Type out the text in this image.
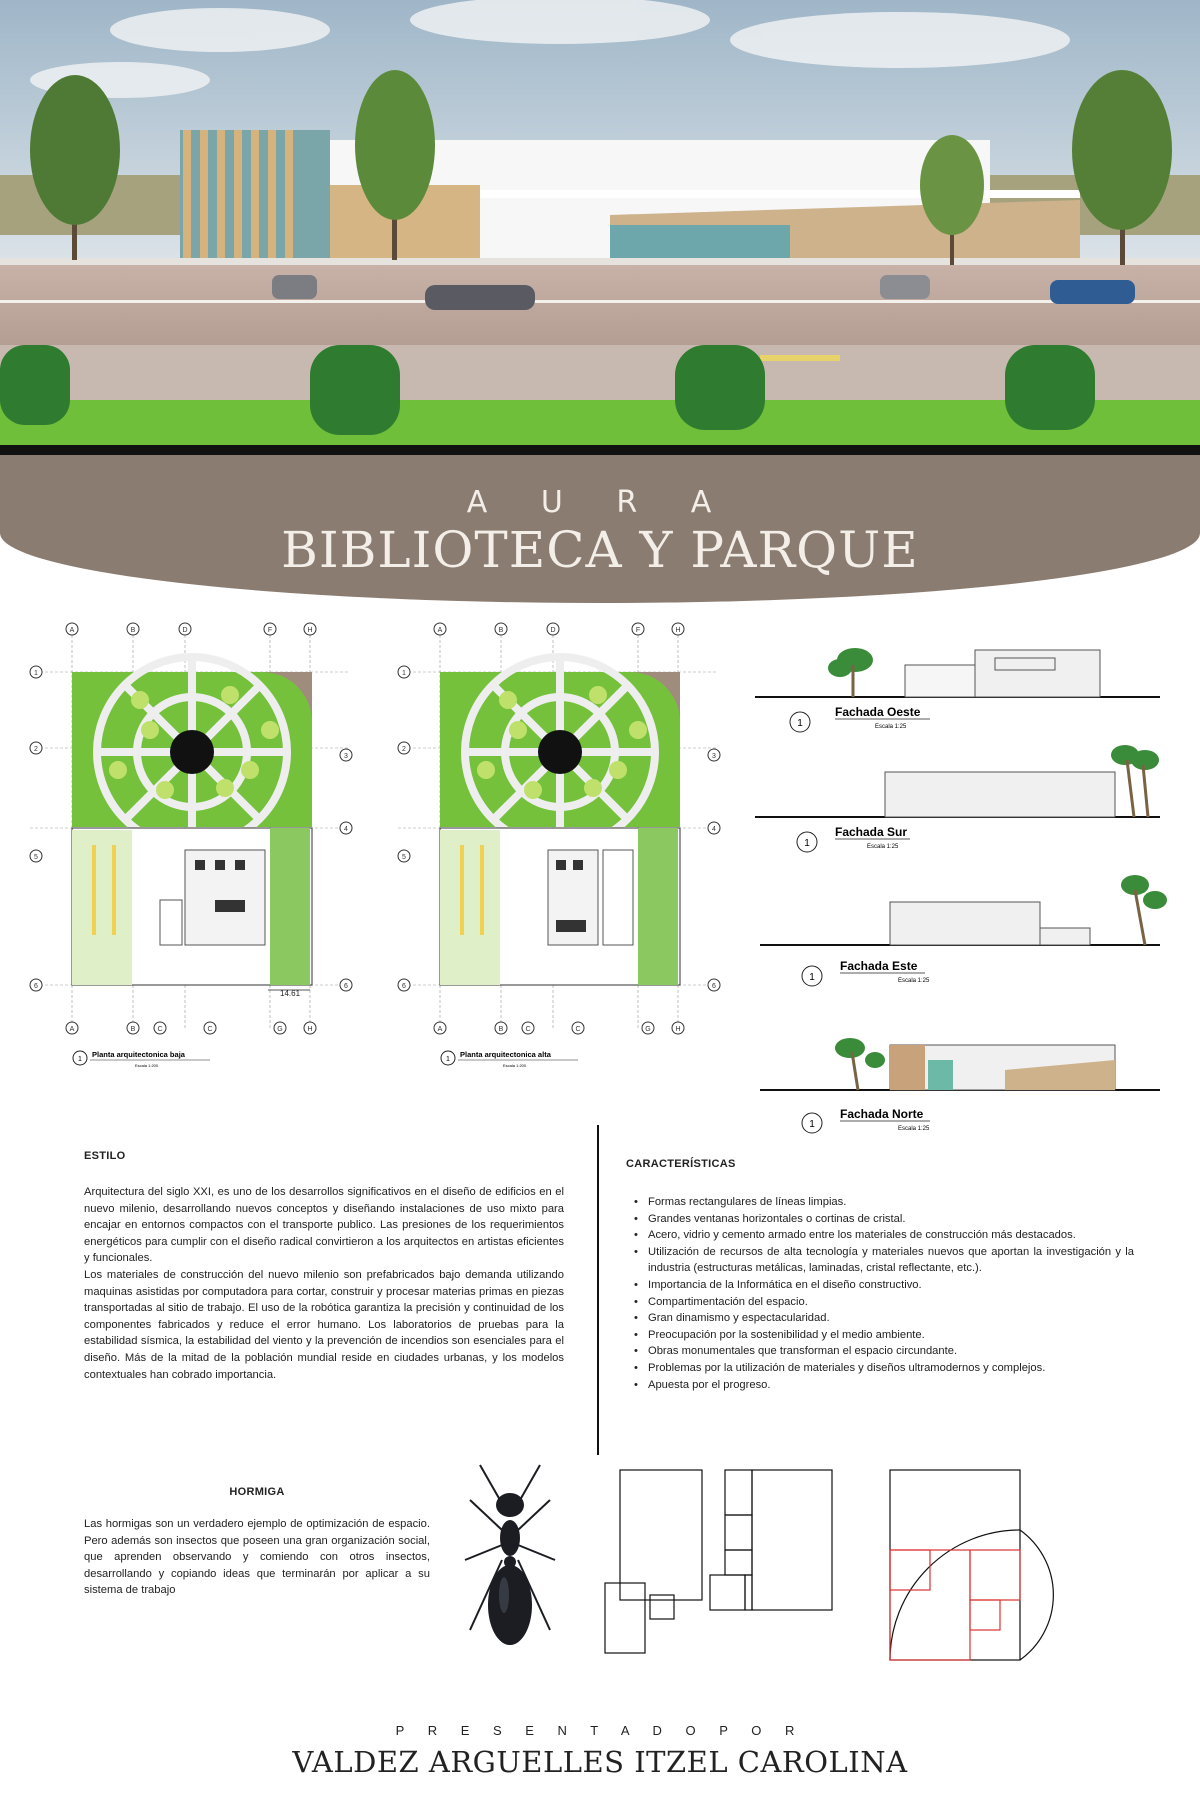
A U R A
BIBLIOTECA Y PARQUE
A	B	D	F	H
A	B	C	C	G	H
1
2
3
4
5
6	6
14.61
1
Planta arquitectonica baja
Escala 1:200
A	B	D	F	H
A	B	C	C	G	H
1
2
3
4
5
6	6
1
Planta arquitectonica alta
Escala 1:200
1
Fachada Oeste
Escala 1:25
1
Fachada Sur
Escala 1:25
1
Fachada Este
Escala 1:25
1
Fachada Norte
Escala 1:25
ESTILO

Arquitectura del siglo XXI, es uno de los desarrollos significativos en el diseño de edificios en el nuevo milenio, desarrollando nuevos conceptos y diseñando instalaciones de uso mixto para encajar en entornos compactos con el transporte publico. Las presiones de los requerimientos energéticos para cumplir con el diseño radical convirtieron a los arquitectos en artistas eficientes y funcionales.

Los materiales de construcción del nuevo milenio son prefabricados bajo demanda utilizando maquinas asistidas por computadora para cortar, construir y procesar materias primas en piezas transportadas al sitio de trabajo. El uso de la robótica garantiza la precisión y continuidad de los componentes fabricados y reduce el error humano. Los laboratorios de pruebas para la estabilidad sísmica, la estabilidad del viento y la prevención de incendios son esenciales para el diseño. Más de la mitad de la población mundial reside en ciudades urbanas, y los modelos contextuales han cobrado importancia.

CARACTERÍSTICAS
• Formas rectangulares de líneas limpias.
• Grandes ventanas horizontales o cortinas de cristal.
• Acero, vidrio y cemento armado entre los materiales de construcción más destacados.
• Utilización de recursos de alta tecnología y materiales nuevos que aportan la investigación y la industria (estructuras metálicas, laminadas, cristal reflectante, etc.).
• Importancia de la Informática en el diseño constructivo.
• Compartimentación del espacio.
• Gran dinamismo y espectacularidad.
• Preocupación por la sostenibilidad y el medio ambiente.
• Obras monumentales que transforman el espacio circundante.
• Problemas por la utilización de materiales y diseños ultramodernos y complejos.
• Apuesta por el progreso.
HORMIGA

Las hormigas son un verdadero ejemplo de optimización de espacio. Pero además son insectos que poseen una gran organización social, que aprenden observando y comiendo con otros insectos, desarrollando y copiando ideas que terminarán por aplicar a su sistema de trabajo

P R E S E N T A D O P O R
VALDEZ ARGUELLES ITZEL CAROLINA
